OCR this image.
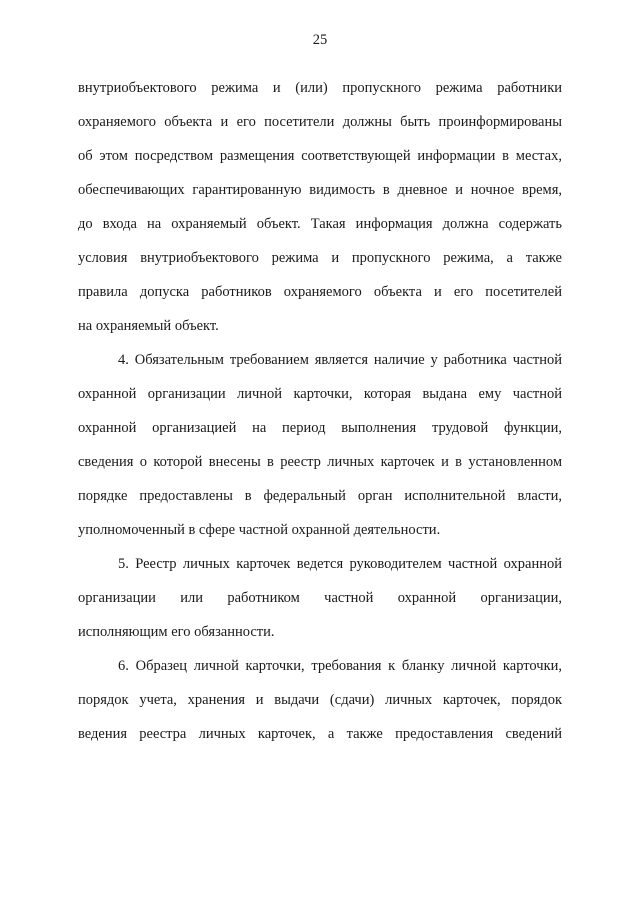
25
внутриобъектового режима и (или) пропускного режима работники
охраняемого объекта и его посетители должны быть проинформированы
об этом посредством размещения соответствующей информации в местах,
обеспечивающих гарантированную видимость в дневное и ночное время,
до входа на охраняемый объект. Такая информация должна содержать
условия внутриобъектового режима и пропускного режима, а также
правила допуска работников охраняемого объекта и его посетителей
на охраняемый объект.
4. Обязательным требованием является наличие у работника частной
охранной организации личной карточки, которая выдана ему частной
охранной организацией на период выполнения трудовой функции,
сведения о которой внесены в реестр личных карточек и в установленном
порядке предоставлены в федеральный орган исполнительной власти,
уполномоченный в сфере частной охранной деятельности.
5. Реестр личных карточек ведется руководителем частной охранной
организации или работником частной охранной организации,
исполняющим его обязанности.
6. Образец личной карточки, требования к бланку личной карточки,
порядок учета, хранения и выдачи (сдачи) личных карточек, порядок
ведения реестра личных карточек, а также предоставления сведений
